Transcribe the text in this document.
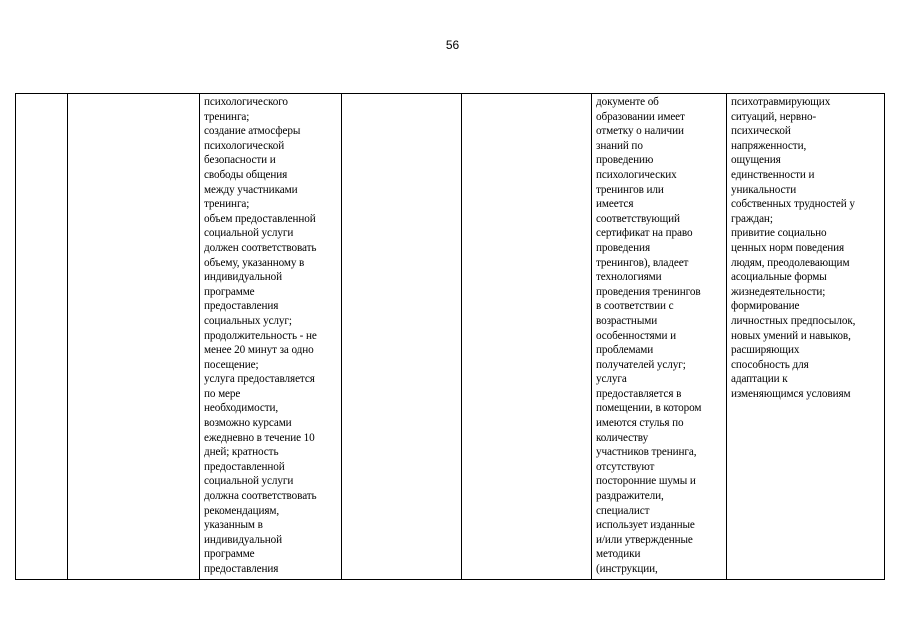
56
психологического
тренинга;
создание атмосферы
психологической
безопасности и
свободы общения
между участниками
тренинга;
объем предоставленной
социальной услуги
должен соответствовать
объему, указанному в
индивидуальной
программе
предоставления
социальных услуг;
продолжительность - не
менее 20 минут за одно
посещение;
услуга предоставляется
по мере
необходимости,
возможно курсами
ежедневно в течение 10
дней; кратность
предоставленной
социальной услуги
должна соответствовать
рекомендациям,
указанным в
индивидуальной
программе
предоставления
документе об
образовании имеет
отметку о наличии
знаний по
проведению
психологических
тренингов или
имеется
соответствующий
сертификат на право
проведения
тренингов), владеет
технологиями
проведения тренингов
в соответствии с
возрастными
особенностями и
проблемами
получателей услуг;
услуга
предоставляется в
помещении, в котором
имеются стулья по
количеству
участников тренинга,
отсутствуют
посторонние шумы и
раздражители,
специалист
использует изданные
и/или утвержденные
методики
(инструкции,
психотравмирующих
ситуаций, нервно-
психической
напряженности,
ощущения
единственности и
уникальности
собственных трудностей у
граждан;
привитие социально
ценных норм поведения
людям, преодолевающим
асоциальные формы
жизнедеятельности;
формирование
личностных предпосылок,
новых умений и навыков,
расширяющих
способность для
адаптации к
изменяющимся условиям
